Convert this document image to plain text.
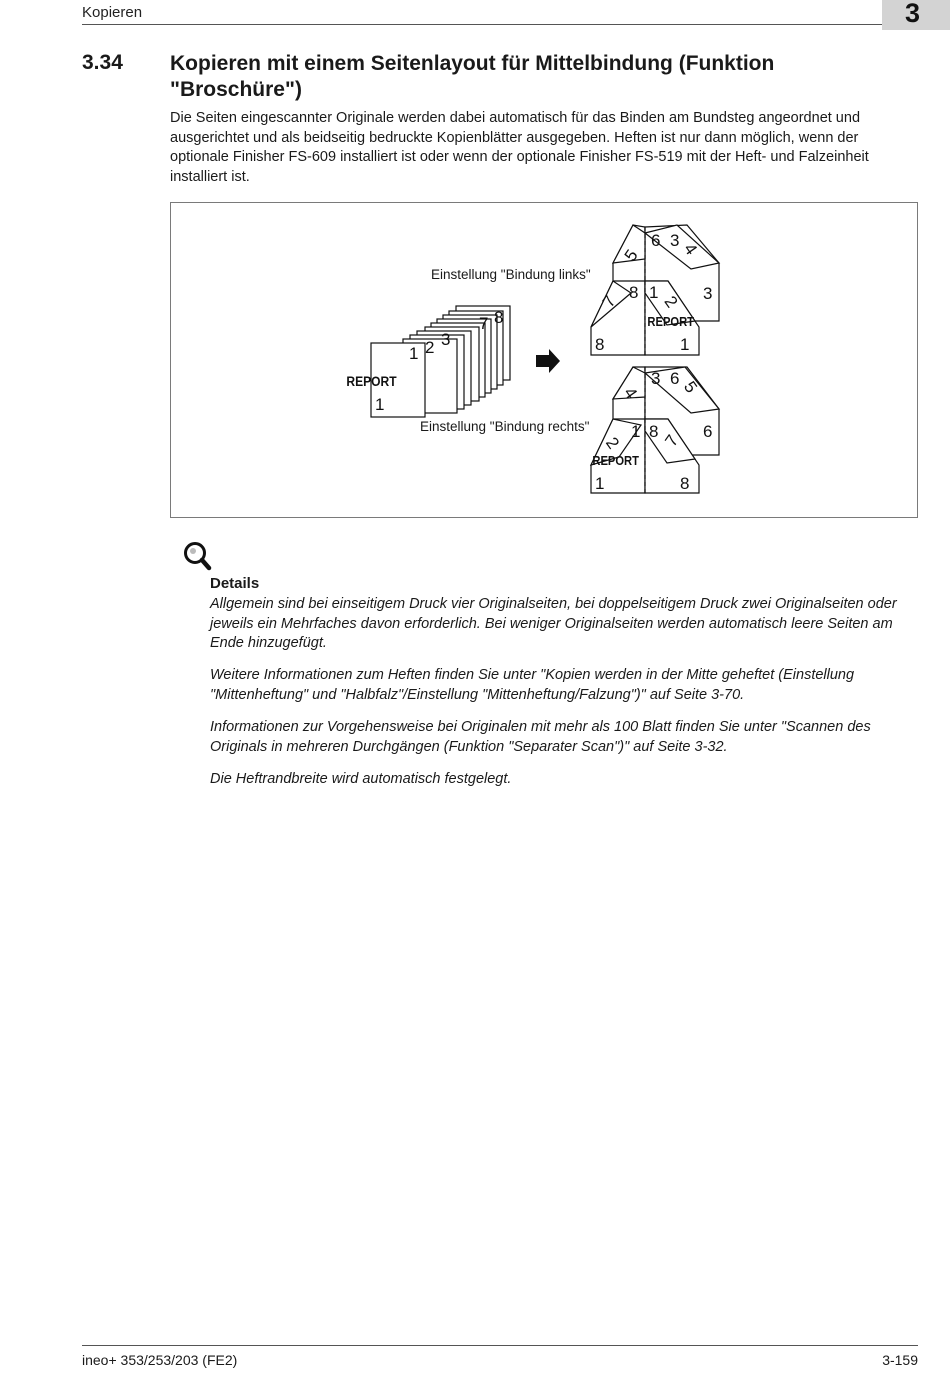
Kopieren	3
3.34 Kopieren mit einem Seitenlayout für Mittelbindung (Funktion "Broschüre")

Die Seiten eingescannter Originale werden dabei automatisch für das Binden am Bundsteg angeordnet und ausgerichtet und als beidseitig bedruckte Kopienblätter ausgegeben. Heften ist nur dann möglich, wenn der optionale Finisher FS-609 installiert ist oder wenn der optionale Finisher FS-519 mit der Heft- und Falzeinheit installiert ist.

7 8
3
2
1
1
REPORT
6 3
5 4
3
8 1
7 2
8	1
REPORT
3 6
4 5
6
1 8
2 7
1	8
REPORT
Einstellung "Bindung links"
Einstellung "Bindung rechts"
Details

Allgemein sind bei einseitigem Druck vier Originalseiten, bei doppelseitigem Druck zwei Originalseiten oder jeweils ein Mehrfaches davon erforderlich. Bei weniger Originalseiten werden automatisch leere Seiten am Ende hinzugefügt.

Weitere Informationen zum Heften finden Sie unter "Kopien werden in der Mitte geheftet (Einstellung "Mittenheftung" und "Halbfalz"/Einstellung "Mittenheftung/Falzung")" auf Seite 3-70.

Informationen zur Vorgehensweise bei Originalen mit mehr als 100 Blatt finden Sie unter "Scannen des Originals in mehreren Durchgängen (Funktion "Separater Scan")" auf Seite 3-32.

Die Heftrandbreite wird automatisch festgelegt.

ineo+ 353/253/203 (FE2)	3-159
